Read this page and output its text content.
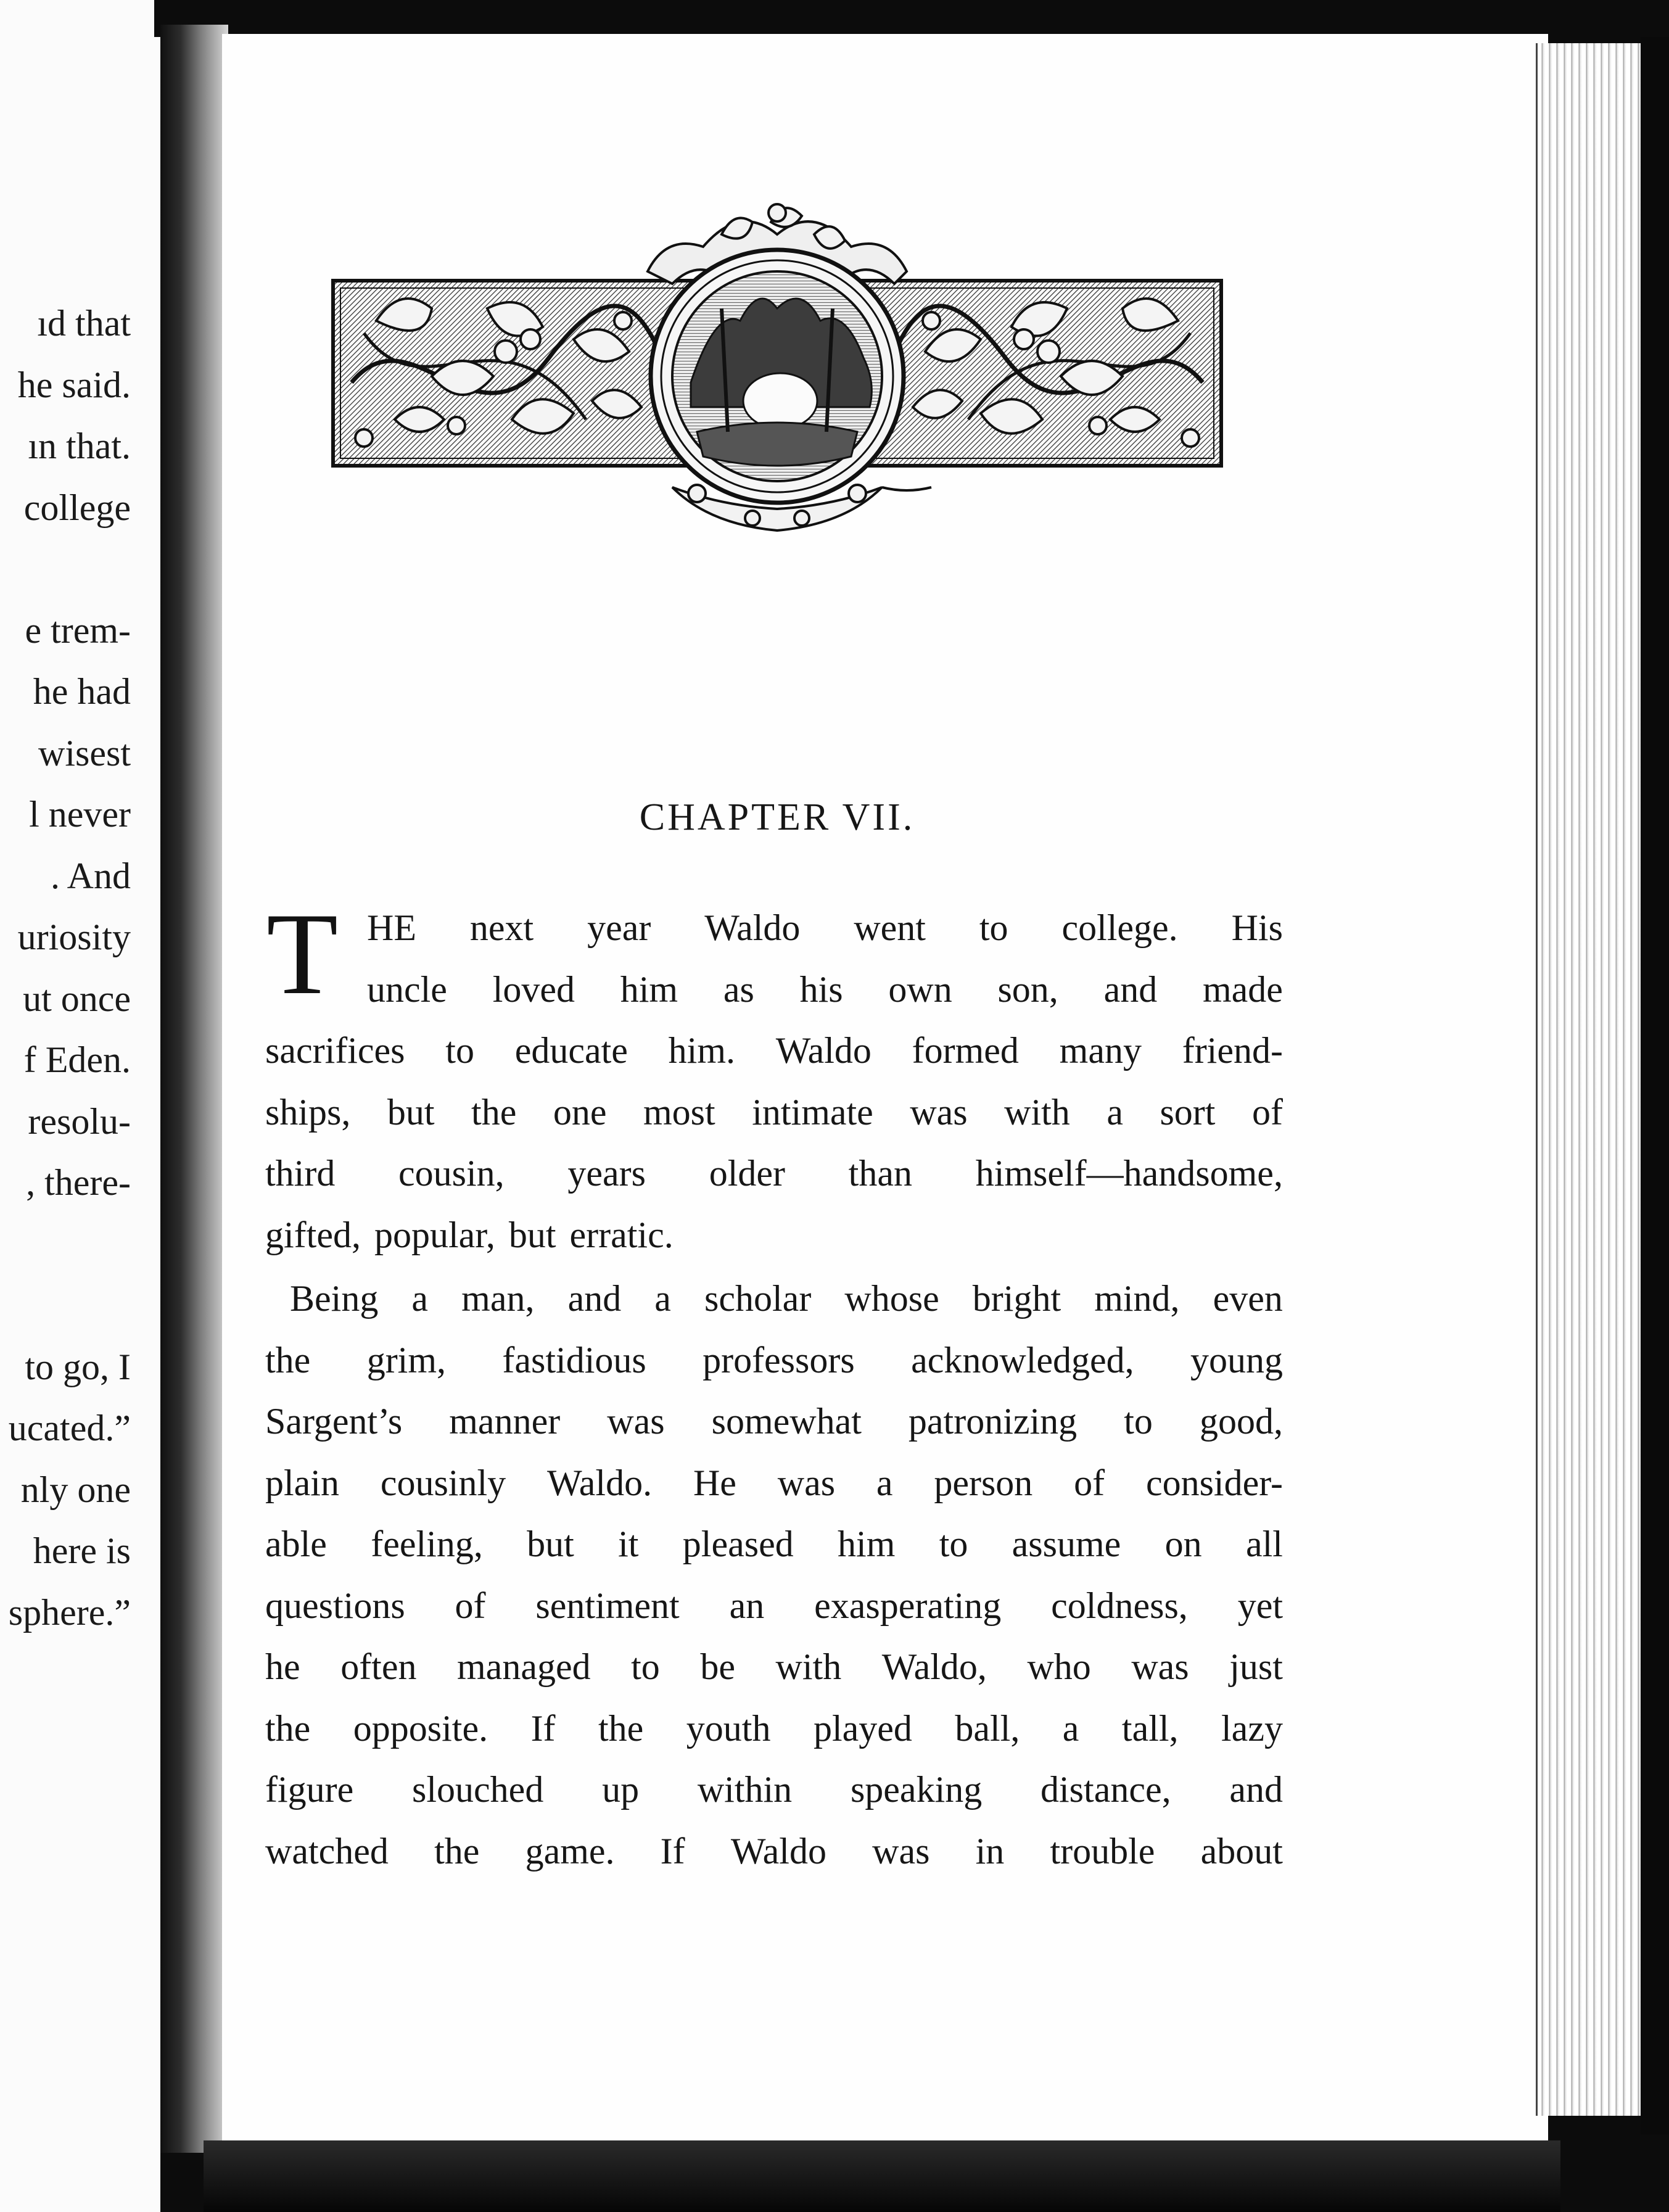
ıd that
he said.
ın that.
college
e trem-
he had
wisest
l never
. And
uriosity
ut once
f Eden.
resolu-
, there-
to go, I
ucated.”
nly one
here is
sphere.”
CHAPTER VII.
T HE next year Waldo went to college. His
uncle loved him as his own son, and made
sacrifices to educate him. Waldo formed many friend-
ships, but the one most intimate was with a sort of
third cousin, years older than himself—handsome,
gifted, popular, but erratic.
Being a man, and a scholar whose bright mind, even
the grim, fastidious professors acknowledged, young
Sargent’s manner was somewhat patronizing to good,
plain cousinly Waldo. He was a person of consider-
able feeling, but it pleased him to assume on all
questions of sentiment an exasperating coldness, yet
he often managed to be with Waldo, who was just
the opposite. If the youth played ball, a tall, lazy
figure slouched up within speaking distance, and
watched the game. If Waldo was in trouble about
